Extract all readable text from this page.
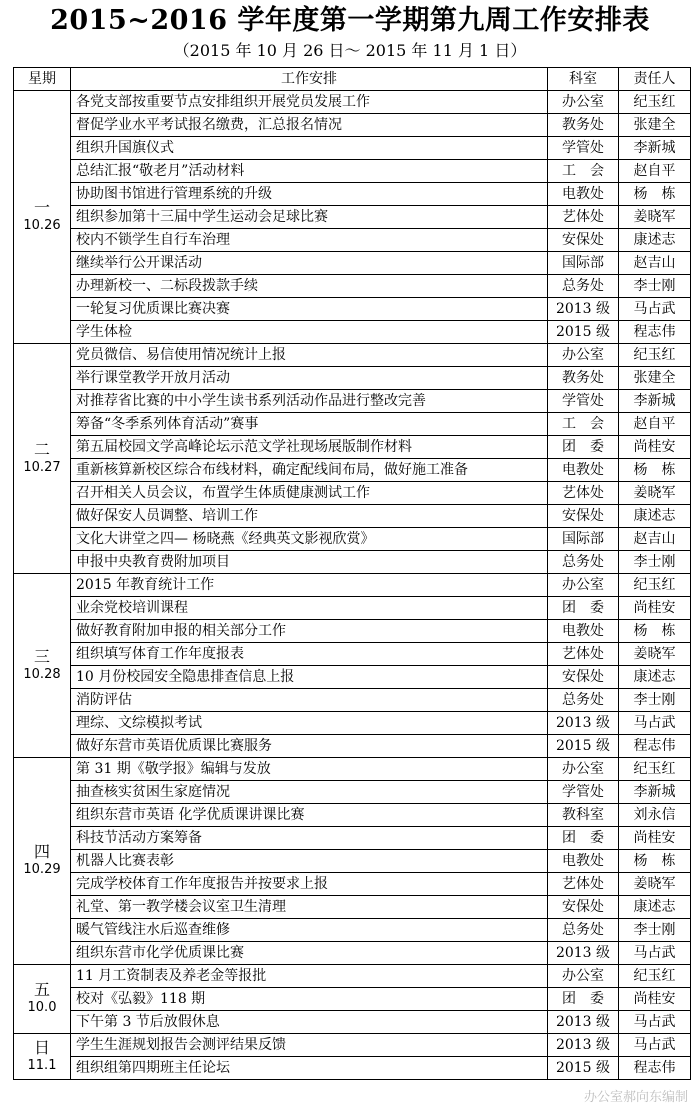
2015~2016 学年度第一学期第九周工作安排表
（2015 年 10 月 26 日～ 2015 年 11 月 1 日）
星期	工作安排	科室	责任人

一
10.26	各党支部按重要节点安排组织开展党员发展工作	办公室	纪玉红
	督促学业水平考试报名缴费，汇总报名情况	教务处	张建全
	组织升国旗仪式	学管处	李新城
	总结汇报“敬老月”活动材料	工　会	赵自平
	协助图书馆进行管理系统的升级	电教处	杨　栋
	组织参加第十三届中学生运动会足球比赛	艺体处	姜晓军
	校内不锁学生自行车治理	安保处	康述志
	继续举行公开课活动	国际部	赵吉山
	办理新校一、二标段拨款手续	总务处	李士刚
	一轮复习优质课比赛决赛	2013 级	马占武
	学生体检	2015 级	程志伟

二
10.27	党员微信、易信使用情况统计上报	办公室	纪玉红
	举行课堂教学开放月活动	教务处	张建全
	对推荐省比赛的中小学生读书系列活动作品进行整改完善	学管处	李新城
	筹备“冬季系列体育活动”赛事	工　会	赵自平
	第五届校园文学高峰论坛示范文学社现场展版制作材料	团　委	尚桂安
	重新核算新校区综合布线材料，确定配线间布局，做好施工准备	电教处	杨　栋
	召开相关人员会议，布置学生体质健康测试工作	艺体处	姜晓军
	做好保安人员调整、培训工作	安保处	康述志
	文化大讲堂之四— 杨晓燕《经典英文影视欣赏》	国际部	赵吉山
	申报中央教育费附加项目	总务处	李士刚

三
10.28	2015 年教育统计工作	办公室	纪玉红
	业余党校培训课程	团　委	尚桂安
	做好教育附加申报的相关部分工作	电教处	杨　栋
	组织填写体育工作年度报表	艺体处	姜晓军
	10 月份校园安全隐患排查信息上报	安保处	康述志
	消防评估	总务处	李士刚
	理综、文综模拟考试	2013 级	马占武
	做好东营市英语优质课比赛服务	2015 级	程志伟

四
10.29	第 31 期《敬学报》编辑与发放	办公室	纪玉红
	抽查核实贫困生家庭情况	学管处	李新城
	组织东营市英语 化学优质课讲课比赛	教科室	刘永信
	科技节活动方案筹备	团　委	尚桂安
	机器人比赛表彰	电教处	杨　栋
	完成学校体育工作年度报告并按要求上报	艺体处	姜晓军
	礼堂、第一教学楼会议室卫生清理	安保处	康述志
	暖气管线注水后巡查维修	总务处	李士刚
	组织东营市化学优质课比赛	2013 级	马占武

五
10.0	11 月工资制表及养老金等报批	办公室	纪玉红
	校对《弘毅》118 期	团　委	尚桂安
	下午第 3 节后放假休息	2013 级	马占武

日
11.1	学生生涯规划报告会测评结果反馈	2013 级	马占武
	组织组第四期班主任论坛	2015 级	程志伟
办公室郝向东编制
